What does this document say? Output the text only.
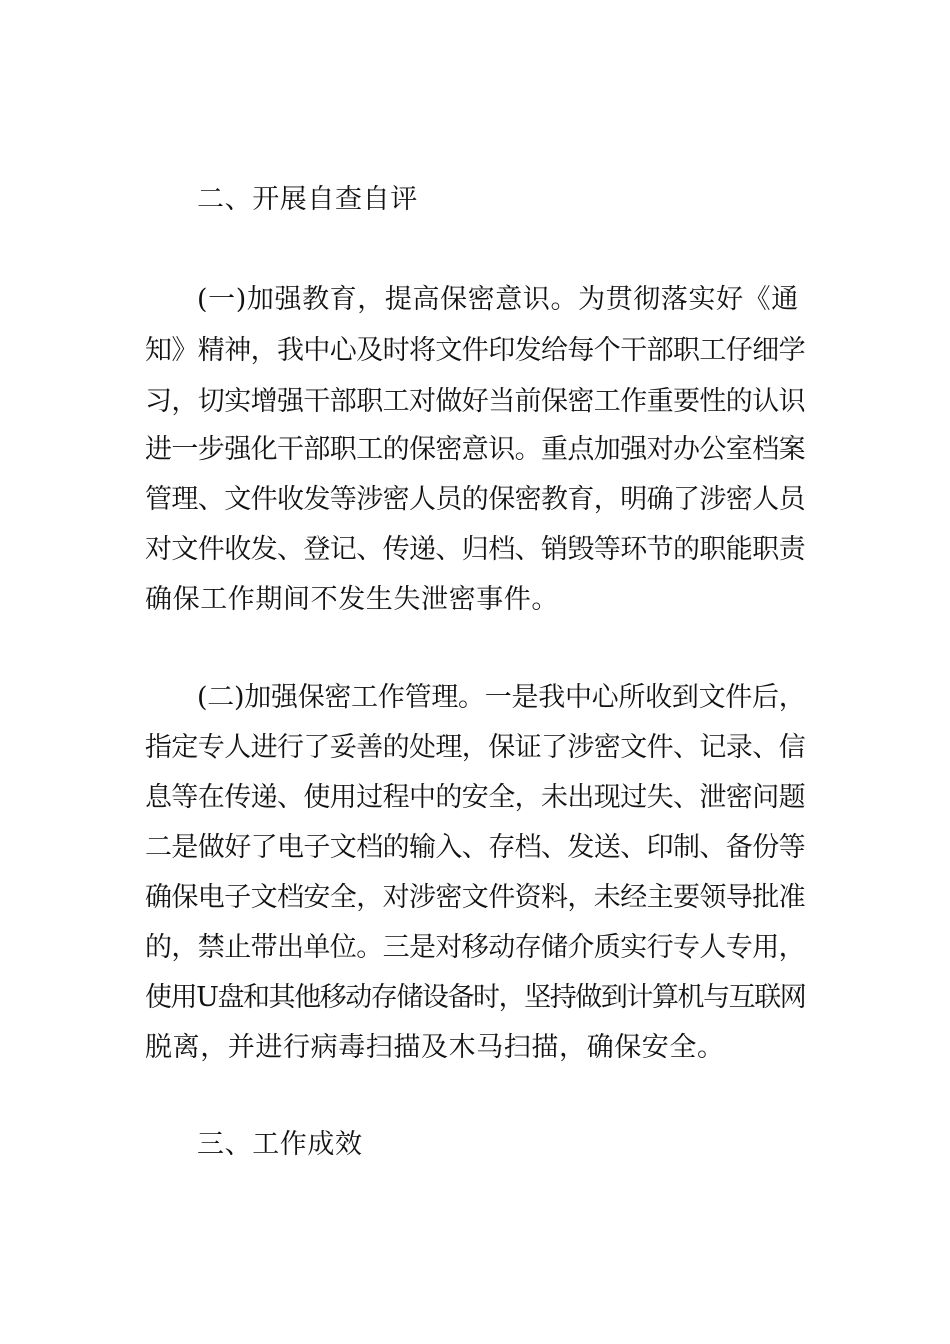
二、开展自查自评
(一)加强教育，提高保密意识。为贯彻落实好《通
知》精神，我中心及时将文件印发给每个干部职工仔细学
习，切实增强干部职工对做好当前保密工作重要性的认识
进一步强化干部职工的保密意识。重点加强对办公室档案
管理、文件收发等涉密人员的保密教育，明确了涉密人员
对文件收发、登记、传递、归档、销毁等环节的职能职责
确保工作期间不发生失泄密事件。
(二)加强保密工作管理。一是我中心所收到文件后，
指定专人进行了妥善的处理，保证了涉密文件、记录、信
息等在传递、使用过程中的安全，未出现过失、泄密问题
二是做好了电子文档的输入、存档、发送、印制、备份等
确保电子文档安全，对涉密文件资料，未经主要领导批准
的，禁止带出单位。三是对移动存储介质实行专人专用，
使用U盘和其他移动存储设备时，坚持做到计算机与互联网
脱离，并进行病毒扫描及木马扫描，确保安全。
三、工作成效
